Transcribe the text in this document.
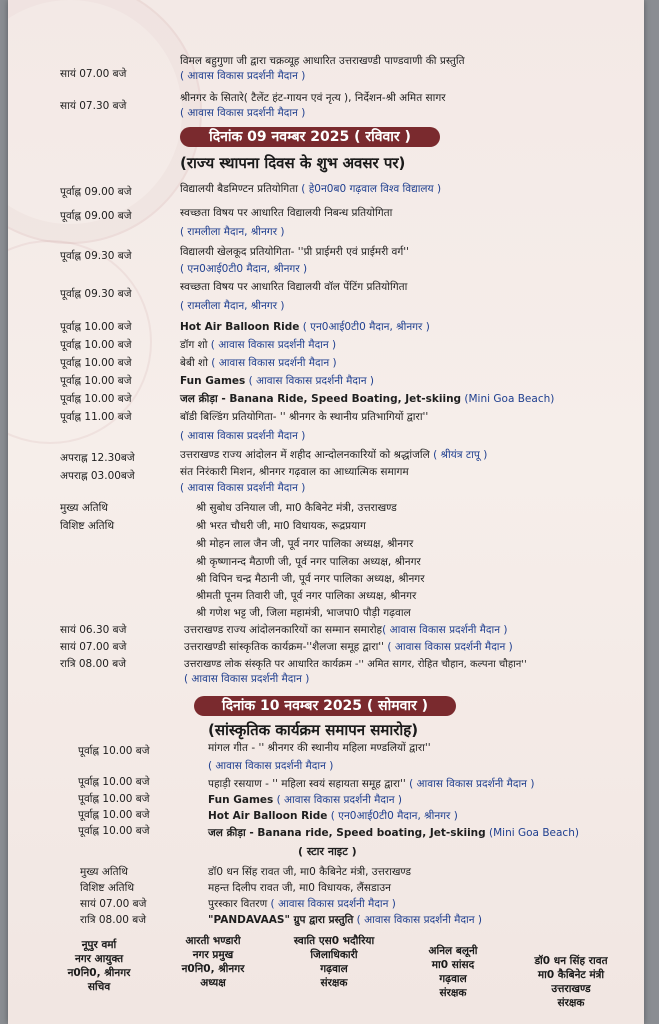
सायं 07.00 बजे
विमल बहुगुणा जी द्वारा चक्रव्यूह आधारित उत्तराखण्डी पाण्डवाणी की प्रस्तुति
( आवास विकास प्रदर्शनी मैदान )
सायं 07.30 बजे
श्रीनगर के सितारे( टैलेंट हंट-गायन एवं नृत्य ), निर्देशन-श्री अमित सागर
( आवास विकास प्रदर्शनी मैदान )
दिनांक 09 नवम्बर 2025 ( रविवार )
(राज्य स्थापना दिवस के शुभ अवसर पर)
पूर्वाह्न 09.00 बजे	विद्यालयी बैडमिण्टन प्रतियोगिता ( हे0न0ब0 गढ़वाल विश्व विद्यालय )
पूर्वाह्न 09.00 बजे	स्वच्छता विषय पर आधारित विद्यालयी निबन्ध प्रतियोगिता
( रामलीला मैदान, श्रीनगर )
पूर्वाह्न 09.30 बजे	विद्यालयी खेलकूद प्रतियोगिता- ''प्री प्राईमरी एवं प्राईमरी वर्ग''
( एन0आई0टी0 मैदान, श्रीनगर )
पूर्वाह्न 09.30 बजे
स्वच्छता विषय पर आधारित विद्यालयी वॉल पेंटिंग प्रतियोगिता
( रामलीला मैदान, श्रीनगर )
पूर्वाह्न 10.00 बजे	Hot Air Balloon Ride ( एन0आई0टी0 मैदान, श्रीनगर )
पूर्वाह्न 10.00 बजे	डॉग शो ( आवास विकास प्रदर्शनी मैदान )
पूर्वाह्न 10.00 बजे	बेबी शो ( आवास विकास प्रदर्शनी मैदान )
पूर्वाह्न 10.00 बजे	Fun Games ( आवास विकास प्रदर्शनी मैदान )
पूर्वाह्न 10.00 बजे	जल क्रीड़ा - Banana Ride, Speed Boating, Jet-skiing (Mini Goa Beach)
पूर्वाह्न 11.00 बजे	बॉडी बिल्डिंग प्रतियोगिता- '' श्रीनगर के स्थानीय प्रतिभागियों द्वारा''
( आवास विकास प्रदर्शनी मैदान )
अपराह्न 12.30बजे	उत्तराखण्ड राज्य आंदोलन में शहीद आन्दोलनकारियों को श्रद्धांजलि ( श्रीयंत्र टापू )
अपराह्न 03.00बजे	संत निरंकारी मिशन, श्रीनगर गढ़वाल का आध्यात्मिक समागम
( आवास विकास प्रदर्शनी मैदान )
मुख्य अतिथि	श्री सुबोध उनियाल जी, मा0 कैबिनेट मंत्री, उत्तराखण्ड
विशिष्ट अतिथि	श्री भरत चौधरी जी, मा0 विधायक, रूद्रप्रयाग
श्री मोहन लाल जैन जी, पूर्व नगर पालिका अध्यक्ष, श्रीनगर
श्री कृष्णानन्द मैठाणी जी, पूर्व नगर पालिका अध्यक्ष, श्रीनगर
श्री विपिन चन्द्र मैठानी जी, पूर्व नगर पालिका अध्यक्ष, श्रीनगर
श्रीमती पूनम तिवारी जी, पूर्व नगर पालिका अध्यक्ष, श्रीनगर
श्री गणेश भट्ट जी, जिला महामंत्री, भाजपा0 पौड़ी गढ़वाल
सायं 06.30 बजे	उत्तराखण्ड राज्य आंदोलनकारियों का सम्मान समारोह( आवास विकास प्रदर्शनी मैदान )
सायं 07.00 बजे	उत्तराखण्डी सांस्कृतिक कार्यक्रम-''शैलजा समूह द्वारा'' ( आवास विकास प्रदर्शनी मैदान )
रात्रि 08.00 बजे	उत्तराखण्ड लोक संस्कृति पर आधारित कार्यक्रम -'' अमित सागर, रोहित चौहान, कल्पना चौहान''
( आवास विकास प्रदर्शनी मैदान )
दिनांक 10 नवम्बर 2025 ( सोमवार )
(सांस्कृतिक कार्यक्रम समापन समारोह)
पूर्वाह्न 10.00 बजे	मांगल गीत - '' श्रीनगर की स्थानीय महिला मण्डलियों द्वारा''
( आवास विकास प्रदर्शनी मैदान )
पूर्वाह्न 10.00 बजे	पहाड़ी रसयाण - '' महिला स्वयं सहायता समूह द्वारा'' ( आवास विकास प्रदर्शनी मैदान )
पूर्वाह्न 10.00 बजे	Fun Games ( आवास विकास प्रदर्शनी मैदान )
पूर्वाह्न 10.00 बजे	Hot Air Balloon Ride ( एन0आई0टी0 मैदान, श्रीनगर )
पूर्वाह्न 10.00 बजे	जल क्रीड़ा - Banana ride, Speed boating, Jet-skiing (Mini Goa Beach)
( स्टार नाइट )
मुख्य अतिथि	डॉ0 धन सिंह रावत जी, मा0 कैबिनेट मंत्री, उत्तराखण्ड
विशिष्ट अतिथि	महन्त दिलीप रावत जी, मा0 विधायक, लैंसडाउन
सायं 07.00 बजे	पुरस्कार वितरण ( आवास विकास प्रदर्शनी मैदान )
रात्रि 08.00 बजे	"PANDAVAAS" ग्रुप द्वारा प्रस्तुति ( आवास विकास प्रदर्शनी मैदान )
नूपुर वर्मा
नगर आयुक्त
न0नि0, श्रीनगर
सचिव
आरती भण्डारी
नगर प्रमुख
न0नि0, श्रीनगर
अध्यक्ष
स्वाति एस0 भदौरिया
जिलाधिकारी
गढ़वाल
संरक्षक
अनिल बलूनी
मा0 सांसद
गढ़वाल
संरक्षक
डॉ0 धन सिंह रावत
मा0 कैबिनेट मंत्री
उत्तराखण्ड
संरक्षक
